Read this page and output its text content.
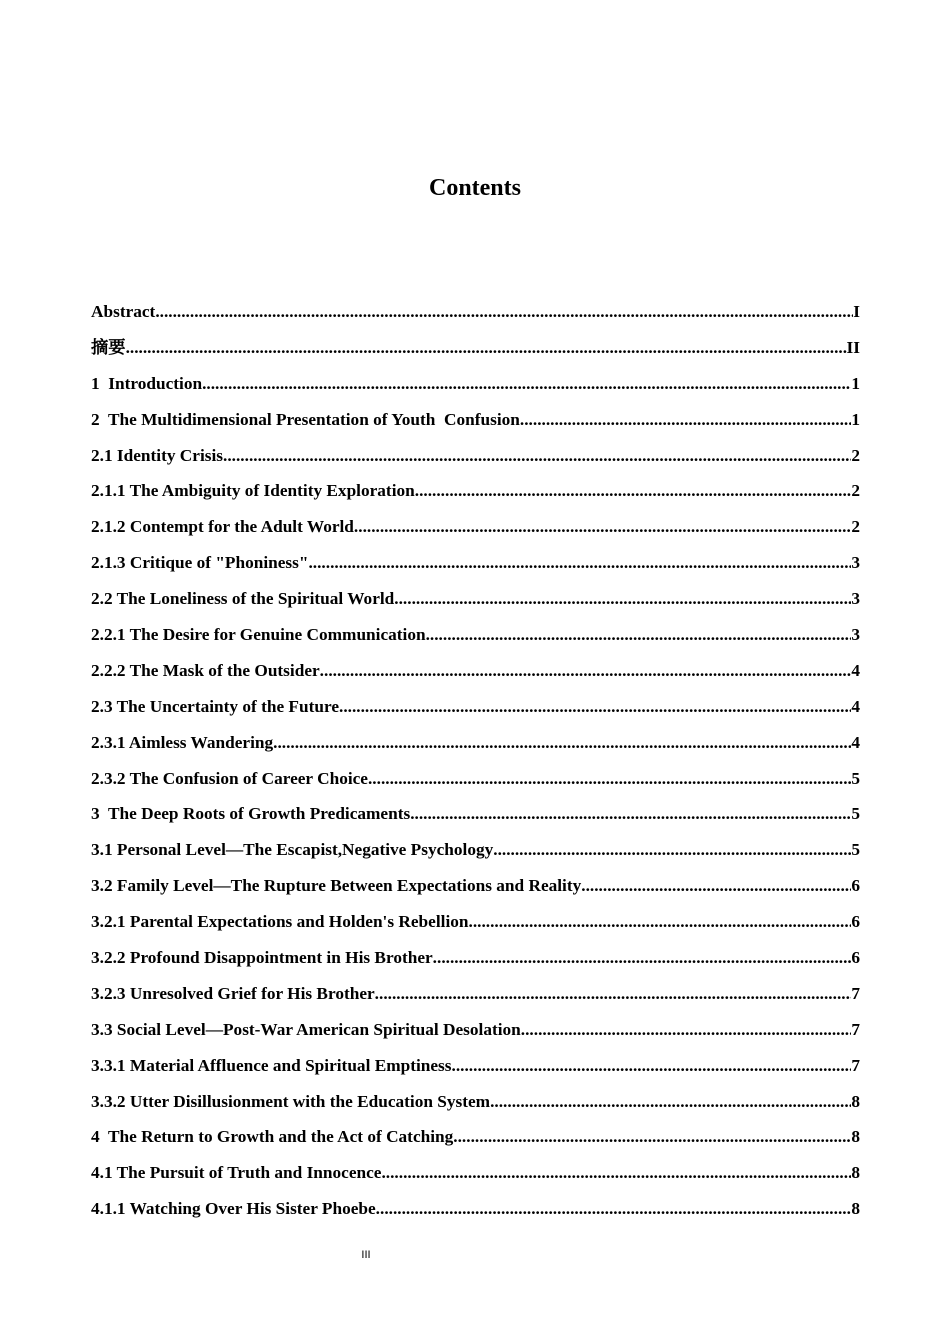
Contents
Abstract .....	I
摘要 .....	II
1  Introduction .....	1
2  The Multidimensional Presentation of Youth  Confusion .....	1
2.1 Identity Crisis .....	2
2.1.1 The Ambiguity of Identity Exploration .....	2
2.1.2 Contempt for the Adult World .....	2
2.1.3 Critique of "Phoniness" .....	3
2.2 The Loneliness of the Spiritual World .....	3
2.2.1 The Desire for Genuine Communication .....	3
2.2.2 The Mask of the Outsider .....	4
2.3 The Uncertainty of the Future .....	4
2.3.1 Aimless Wandering .....	4
2.3.2 The Confusion of Career Choice .....	5
3  The Deep Roots of Growth Predicaments .....	5
3.1 Personal Level—The Escapist,Negative Psychology .....	5
3.2 Family Level—The Rupture Between Expectations and Reality .....	6
3.2.1 Parental Expectations and Holden's Rebellion .....	6
3.2.2 Profound Disappointment in His Brother .....	6
3.2.3 Unresolved Grief for His Brother .....	7
3.3 Social Level—Post-War American Spiritual Desolation .....	7
3.3.1 Material Affluence and Spiritual Emptiness .....	7
3.3.2 Utter Disillusionment with the Education System .....	8
4  The Return to Growth and the Act of Catching .....	8
4.1 The Pursuit of Truth and Innocence .....	8
4.1.1 Watching Over His Sister Phoebe .....	8
III
